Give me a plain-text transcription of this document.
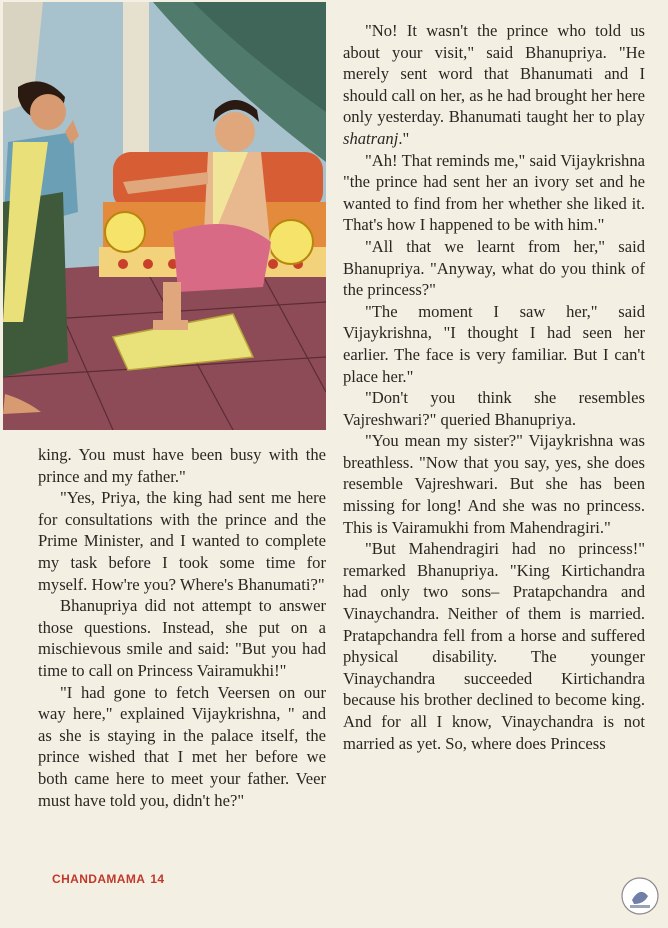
king. You must have been busy with the prince and my father."

"Yes, Priya, the king had sent me here for consultations with the prince and the Prime Minister, and I wanted to complete my task before I took some time for myself. How're you? Where's Bhanumati?"

Bhanupriya did not attempt to answer those questions. Instead, she put on a mischievous smile and said: "But you had time to call on Princess Vairamukhi!"

"I had gone to fetch Veersen on our way here," explained Vijaykrishna, " and as she is staying in the palace itself, the prince wished that I met her before we both came here to meet your father. Veer must have told you, didn't he?"

"No! It wasn't the prince who told us about your visit," said Bhanupriya. "He merely sent word that Bhanumati and I should call on her, as he had brought her here only yesterday. Bhanumati taught her to play shatranj."

"Ah! That reminds me," said Vijaykrishna "the prince had sent her an ivory set and he wanted to find from her whether she liked it. That's how I happened to be with him."

"All that we learnt from her," said Bhanupriya. "Anyway, what do you think of the princess?"

"The moment I saw her," said Vijaykrishna, "I thought I had seen her earlier. The face is very familiar. But I can't place her."

"Don't you think she resembles Vajreshwari?" queried Bhanupriya.

"You mean my sister?" Vijaykrishna was breathless. "Now that you say, yes, she does resemble Vajreshwari. But she has been missing for long! And she was no princess. This is Vairamukhi from Mahendragiri."

"But Mahendragiri had no princess!" remarked Bhanupriya. "King Kirtichandra had only two sons– Pratapchandra and Vinaychandra. Neither of them is married. Pratapchandra fell from a horse and suffered physical disability. The younger Vinaychandra succeeded Kirtichandra because his brother declined to become king. And for all I know, Vinaychandra is not married as yet. So, where does Princess

CHANDAMAMA 14
